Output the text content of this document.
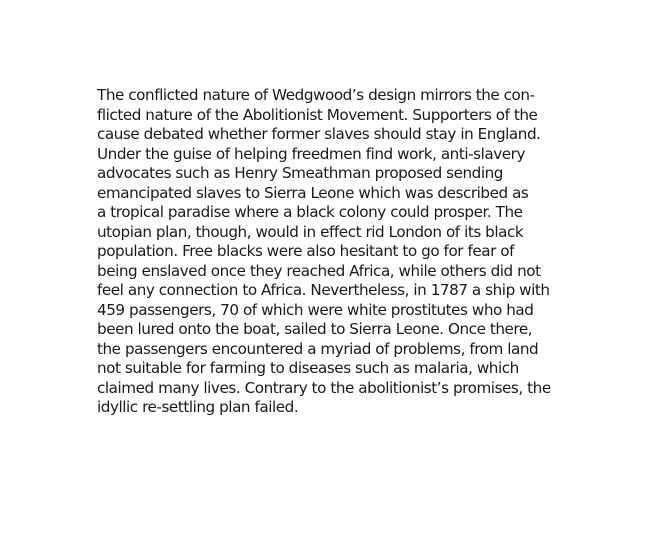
The conflicted nature of Wedgwood’s design mirrors the con-
flicted nature of the Abolitionist Movement. Supporters of the
cause debated whether former slaves should stay in England.
Under the guise of helping freedmen find work, anti-slavery
advocates such as Henry Smeathman proposed sending
emancipated slaves to Sierra Leone which was described as
a tropical paradise where a black colony could prosper. The
utopian plan, though, would in effect rid London of its black
population. Free blacks were also hesitant to go for fear of
being enslaved once they reached Africa, while others did not
feel any connection to Africa. Nevertheless, in 1787 a ship with
459 passengers, 70 of which were white prostitutes who had
been lured onto the boat, sailed to Sierra Leone. Once there,
the passengers encountered a myriad of problems, from land
not suitable for farming to diseases such as malaria, which
claimed many lives. Contrary to the abolitionist’s promises, the
idyllic re-settling plan failed.
